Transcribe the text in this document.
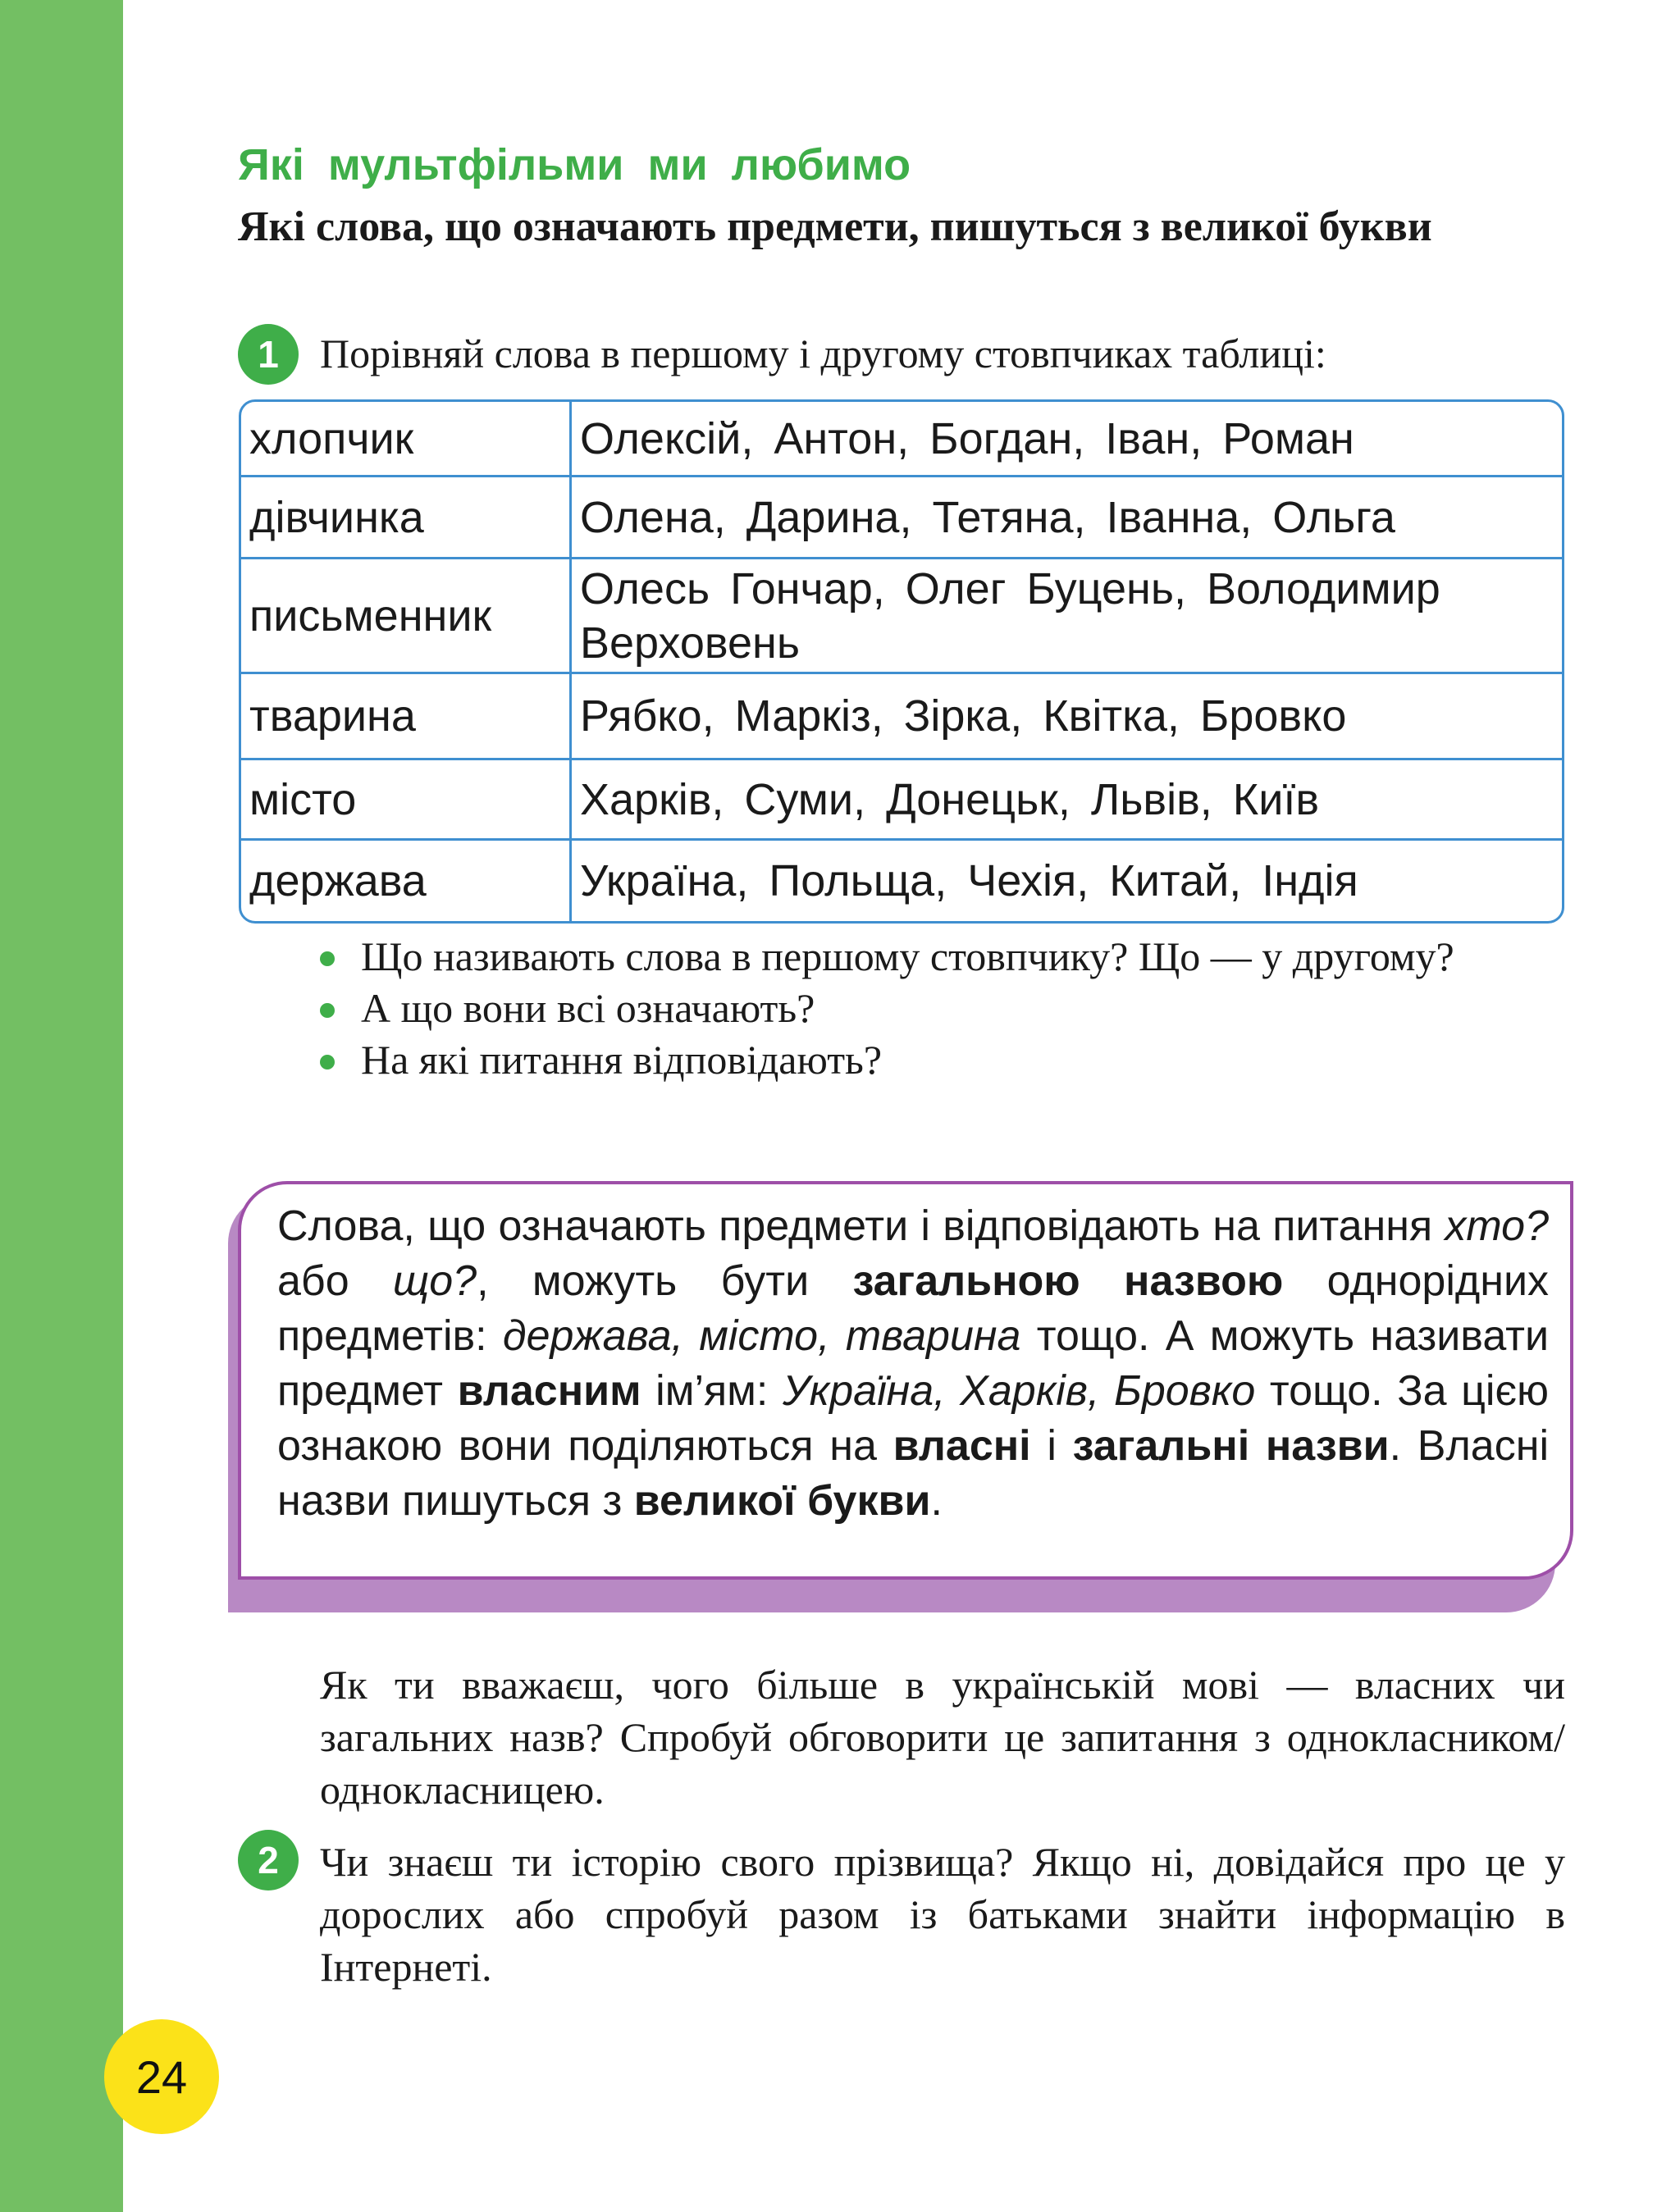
Які мультфільми ми любимо
Які слова, що означають предмети, пишуться з великої букви
1	Порівняй слова в першому і другому стовпчиках таблиці:
хлопчик	Олексій, Антон, Богдан, Іван, Роман
дівчинка	Олена, Дарина, Тетяна, Іванна, Ольга
письменник	Олесь Гончар, Олег Буцень, Володимир Верховень
тварина	Рябко, Маркіз, Зірка, Квітка, Бровко
місто	Харків, Суми, Донецьк, Львів, Київ
держава	Україна, Польща, Чехія, Китай, Індія
Що називають слова в першому стовпчику? Що — у другому?
А що вони всі означають?
На які питання відповідають?
Слова, що означають предмети і відповідають на питання хто? або що?, можуть бути загальною назвою однорідних предметів: держава, місто, тварина тощо. А можуть називати предмет власним ім’ям: Україна, Харків, Бровко тощо. За цією ознакою вони поділяються на власні і загальні назви. Власні назви пишуться з великої букви.
Як ти вважаєш, чого більше в українській мові — власних чи загальних назв? Спробуй обговорити це запитання з однокласником/однокласницею.
2	Чи знаєш ти історію свого прізвища? Якщо ні, довідайся про це у дорослих або спробуй разом із батьками знайти інформацію в Інтернеті.
24
